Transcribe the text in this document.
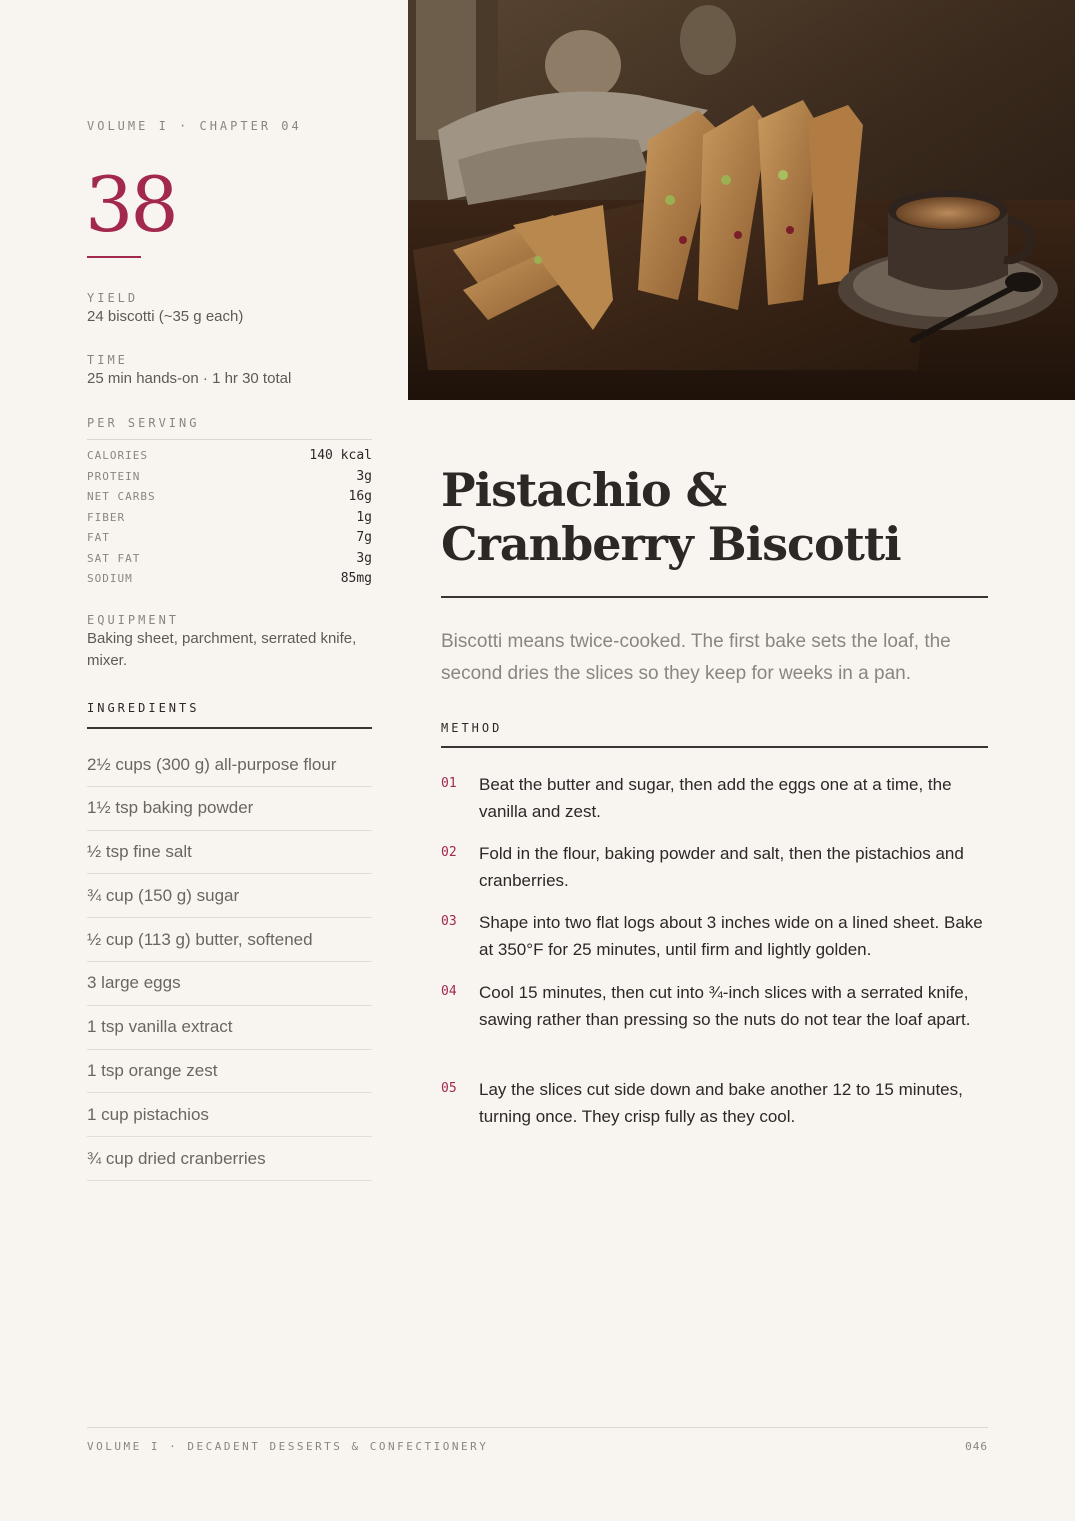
VOLUME I · CHAPTER 04
38
YIELD
24 biscotti (~35 g each)
TIME
25 min hands-on · 1 hr 30 total
PER SERVING
CALORIES	140 kcal
PROTEIN	3g
NET CARBS	16g
FIBER	1g
FAT	7g
SAT FAT	3g
SODIUM	85mg
EQUIPMENT
Baking sheet, parchment, serrated knife, mixer.
INGREDIENTS
2½ cups (300 g) all-purpose flour
1½ tsp baking powder
½ tsp fine salt
¾ cup (150 g) sugar
½ cup (113 g) butter, softened
3 large eggs
1 tsp vanilla extract
1 tsp orange zest
1 cup pistachios
¾ cup dried cranberries
Pistachio & Cranberry Biscotti

Biscotti means twice-cooked. The first bake sets the loaf, the second dries the slices so they keep for weeks in a pan.

METHOD
01	Beat the butter and sugar, then add the eggs one at a time, the vanilla and zest.
02	Fold in the flour, baking powder and salt, then the pistachios and cranberries.
03	Shape into two flat logs about 3 inches wide on a lined sheet. Bake at 350°F for 25 minutes, until firm and lightly golden.
04	Cool 15 minutes, then cut into ¾-inch slices with a serrated knife, sawing rather than pressing so the nuts do not tear the loaf apart.
05	Lay the slices cut side down and bake another 12 to 15 minutes, turning once. They crisp fully as they cool.
VOLUME I · DECADENT DESSERTS & CONFECTIONERY	046
